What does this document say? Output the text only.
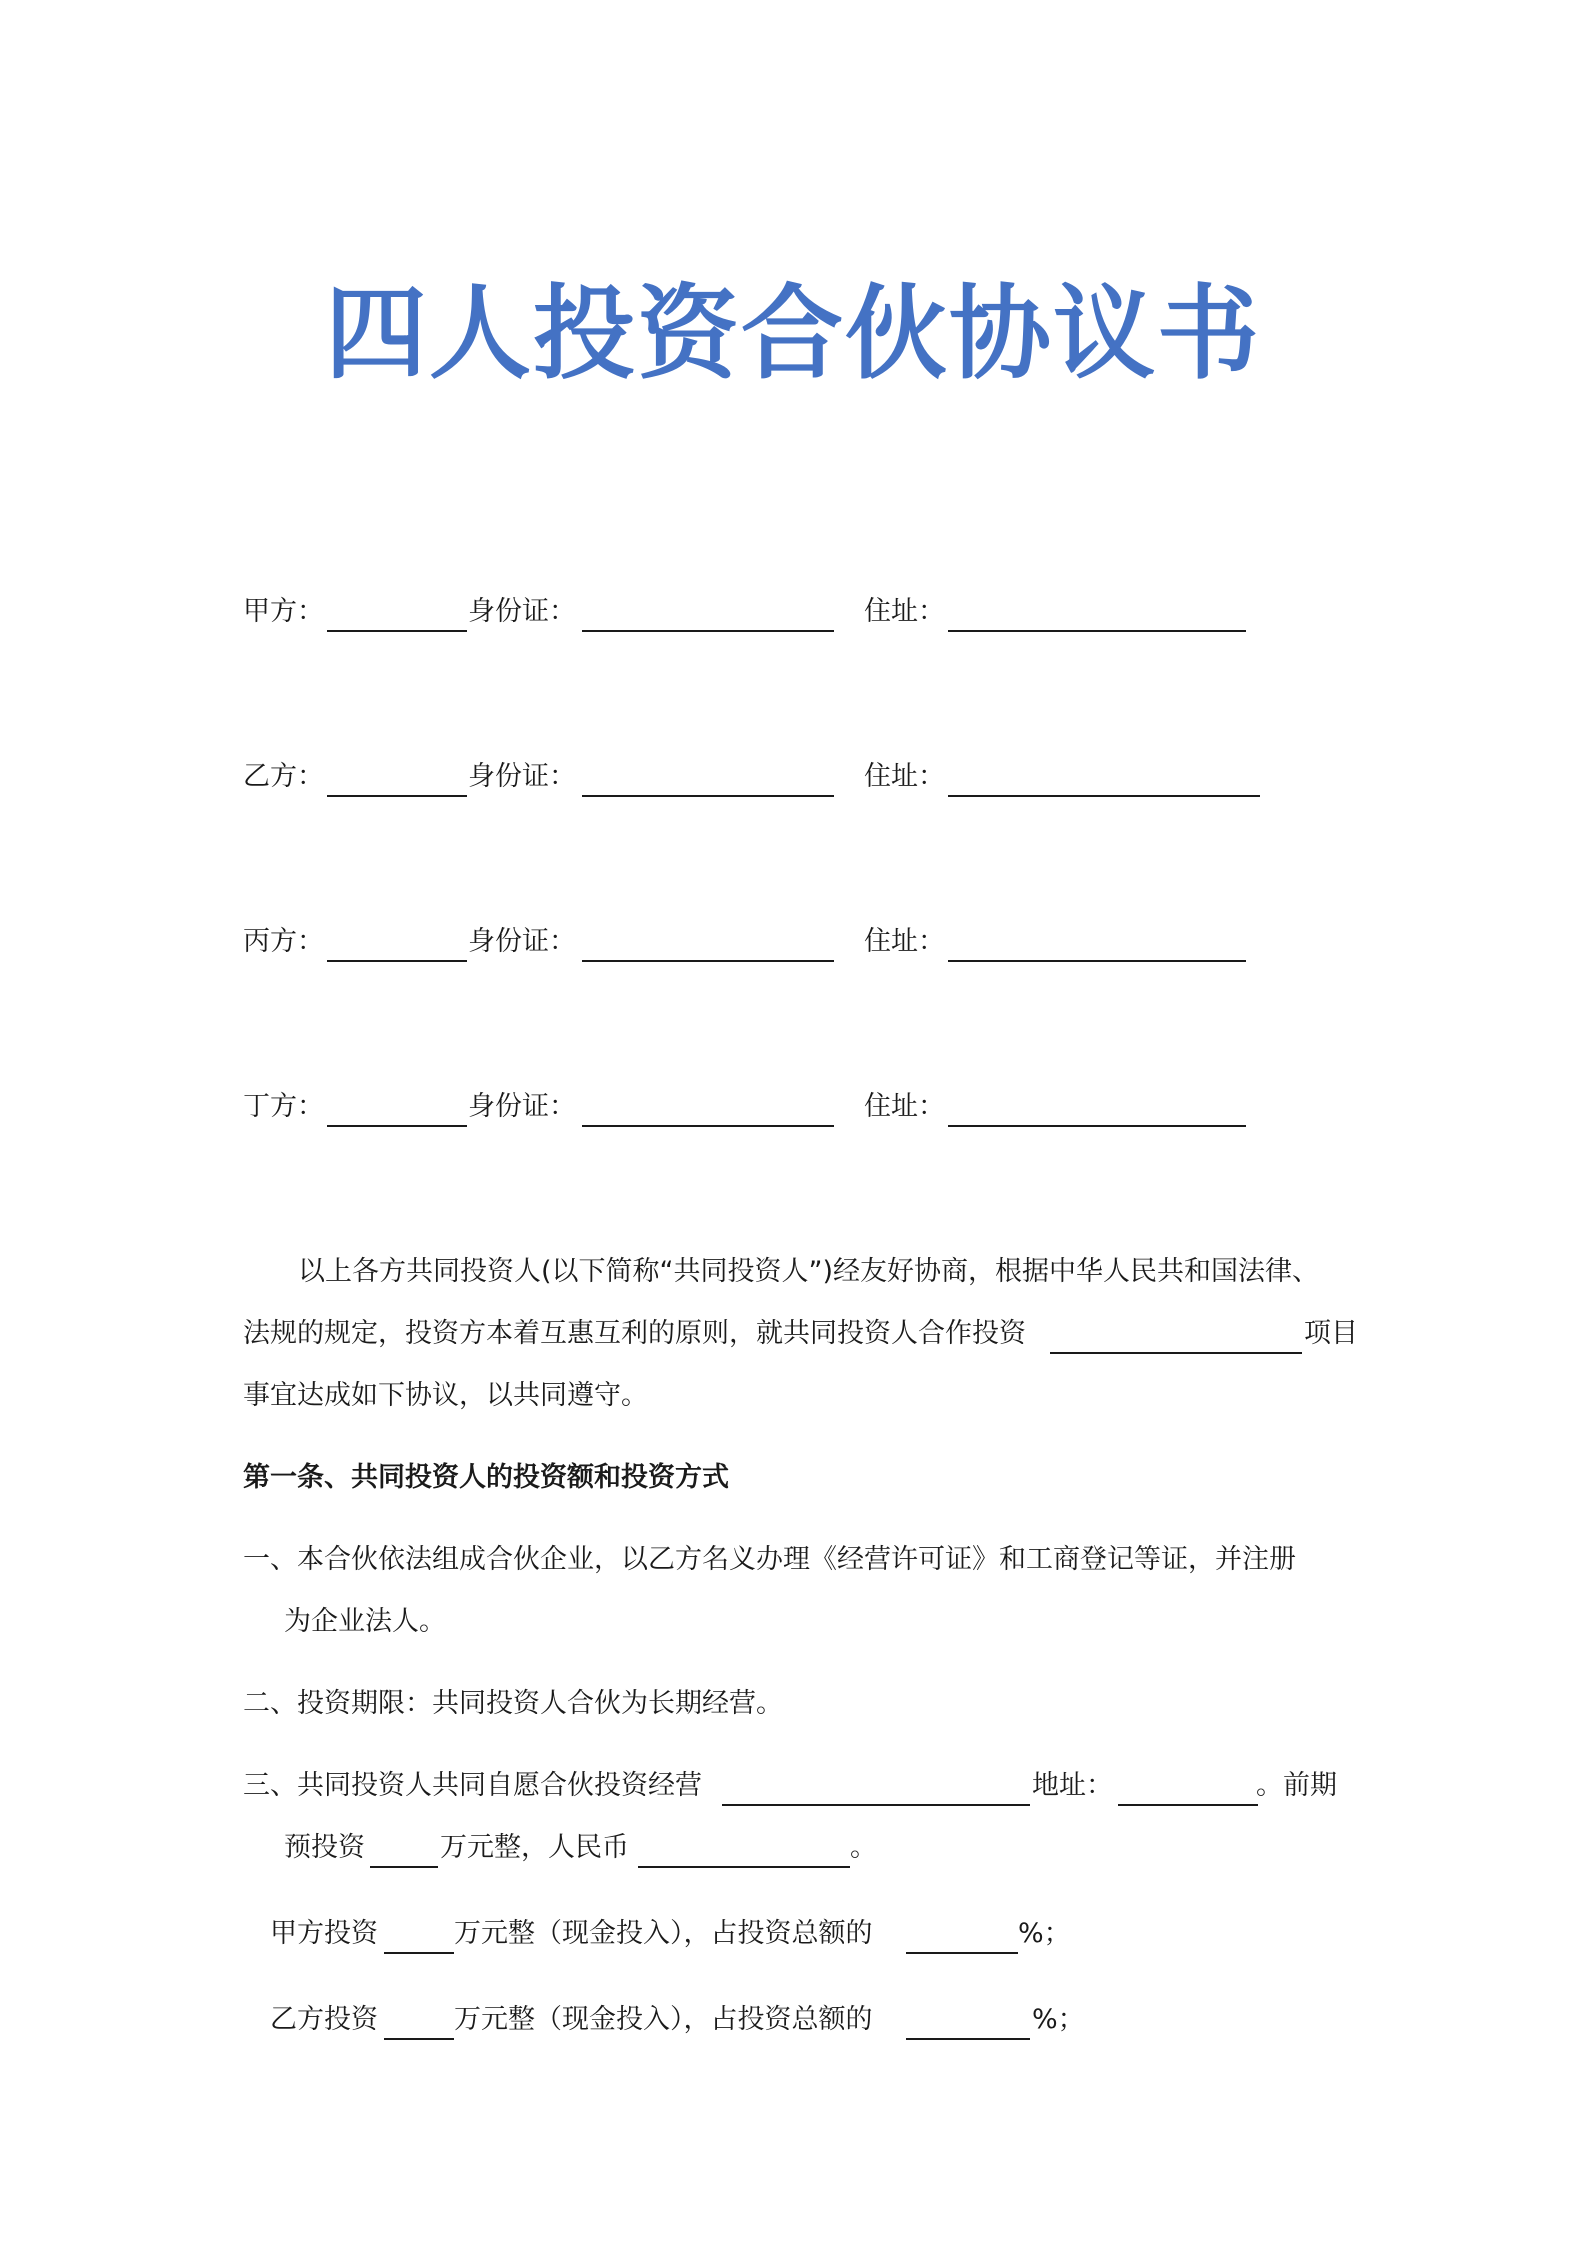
四人投资合伙协议书
甲方：	身份证：	住址：
乙方：	身份证：	住址：
丙方：	身份证：	住址：
丁方：	身份证：	住址：
以上各方共同投资人(以下简称“共同投资人”)经友好协商，根据中华人民共和国法律、
法规的规定，投资方本着互惠互利的原则，就共同投资人合作投资	项目
事宜达成如下协议，以共同遵守。
第一条、共同投资人的投资额和投资方式
一、本合伙依法组成合伙企业，以乙方名义办理《经营许可证》和工商登记等证，并注册
为企业法人。
二、投资期限：共同投资人合伙为长期经营。
三、共同投资人共同自愿合伙投资经营	地址：	。前期
预投资	万元整，人民币	。
甲方投资	万元整（现金投入），占投资总额的	%；
乙方投资	万元整（现金投入），占投资总额的	%；
